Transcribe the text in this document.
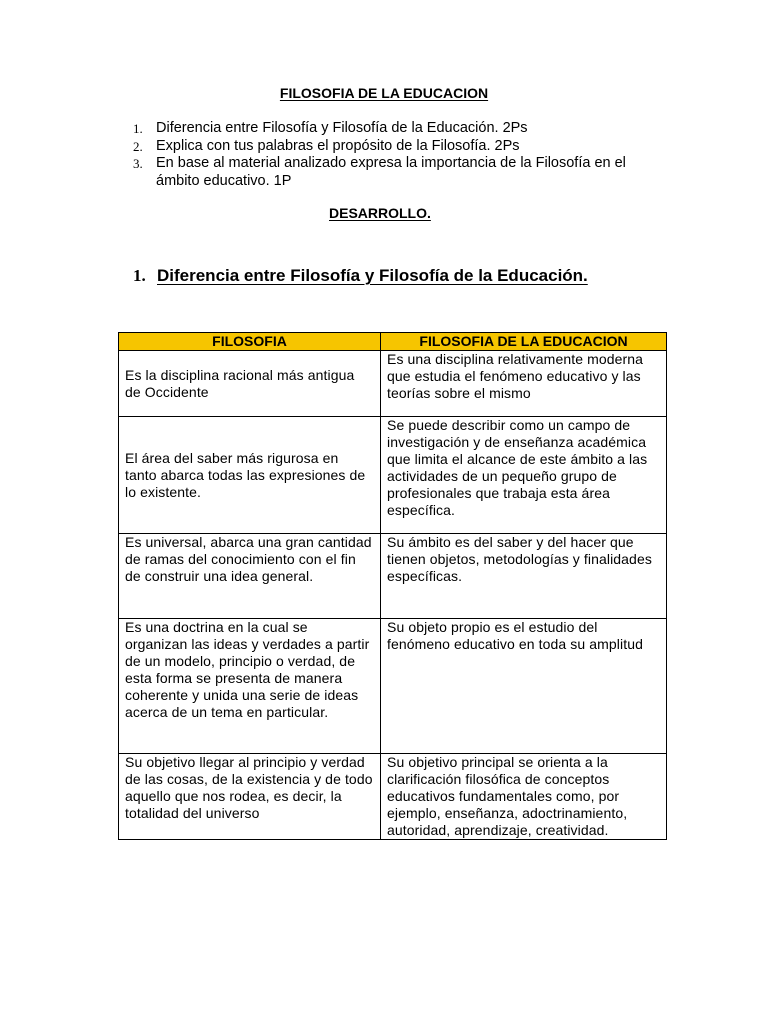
FILOSOFIA DE LA EDUCACION
1. Diferencia entre Filosofía y Filosofía de la Educación. 2Ps
2. Explica con tus palabras el propósito de la Filosofía. 2Ps
3. En base al material analizado expresa la importancia de la Filosofía en el ámbito educativo. 1P
DESARROLLO.
1. Diferencia entre Filosofía y Filosofía de la Educación.
FILOSOFIA	FILOSOFIA DE LA EDUCACION
Es la disciplina racional más antigua de Occidente	Es una disciplina relativamente moderna que estudia el fenómeno educativo y las teorías sobre el mismo
El área del saber más rigurosa en tanto abarca todas las expresiones de lo existente.	Se puede describir como un campo de investigación y de enseñanza académica que limita el alcance de este ámbito a las actividades de un pequeño grupo de profesionales que trabaja esta área específica.
Es universal, abarca una gran cantidad de ramas del conocimiento con el fin de construir una idea general.	Su ámbito es del saber y del hacer que tienen objetos, metodologías y finalidades específicas.
Es una doctrina en la cual se organizan las ideas y verdades a partir de un modelo, principio o verdad, de esta forma se presenta de manera coherente y unida una serie de ideas acerca de un tema en particular.	Su objeto propio es el estudio del fenómeno educativo en toda su amplitud
Su objetivo llegar al principio y verdad de las cosas, de la existencia y de todo aquello que nos rodea, es decir, la totalidad del universo	Su objetivo principal se orienta a la clarificación filosófica de conceptos educativos fundamentales como, por ejemplo, enseñanza, adoctrinamiento, autoridad, aprendizaje, creatividad.
